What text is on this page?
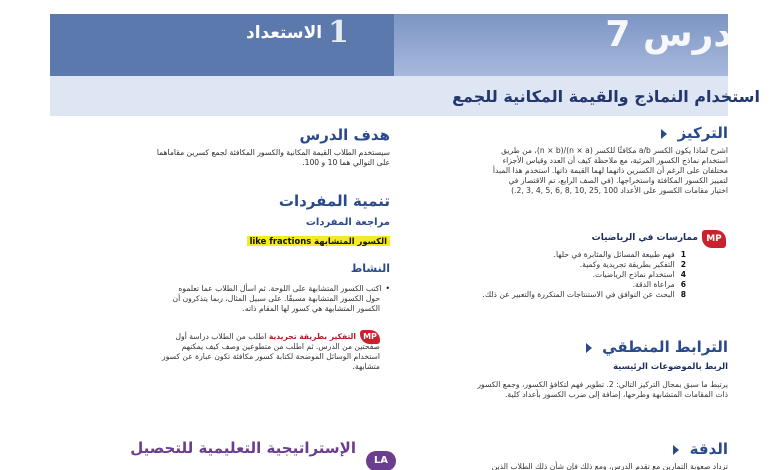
الدرس 7
1
الاستعداد
استخدام النماذج والقيمة المكانية للجمع
التركيز
اشرح لماذا يكون الكسر a/b مكافئًا للكسر (n × a)/(n × b)، من طريق
استخدام نماذج الكسور المرئية، مع ملاحظة كيف أن العدد وقياس الأجزاء
مختلفان على الرغم أن الكسرين ذاتهما لهما القيمة ذاتها. استخدم هذا المبدأ
لتمييز الكسور المكافئة واستخراجها. (في الصف الرابع، تم الاقتصار في
اختيار مقامات الكسور على الأعداد 100 ,25 ,10 ,8 ,6 ,5 ,4 ,3 ,2.)
MP
ممارسات في الرياضيات
1فهم طبيعة المسائل والمثابرة في حلها.
2التفكير بطريقة تجريدية وكمية.
4استخدام نماذج الرياضيات.
6مراعاة الدقة.
8البحث عن التوافق في الاستنتاجات المتكررة والتعبير عن ذلك.
الترابط المنطقي
الربط بالموضوعات الرئيسية
يرتبط ما سبق بمجال التركيز التالي: 2. تطوير فهم لتكافؤ الكسور، وجمع الكسور
ذات المقامات المتشابهة وطرحها، إضافة إلى ضرب الكسور بأعداد كلية.
الدقة
تزداد صعوبة التمارين مع تقدم الدرس، ومع ذلك فإن شأن ذلك الطلاب الذين
هدف الدرس
سيستخدم الطلاب القيمة المكانية والكسور المكافئة لجمع كسرين مقاماهما
على التوالي هما 10 و 100.
تنمية المفردات
مراجعة المفردات
الكسور المتشابهة like fractions
النشاط
•اكتب الكسور المتشابهة على اللوحة. ثم اسأل الطلاب عما تعلموه
حول الكسور المتشابهة مسبقًا. على سبيل المثال، ربما يتذكرون أن
الكسور المتشابهة هي كسور لها المقام ذاته.
MP
التفكير بطريقة تجريدية اطلب من الطلاب دراسة أول
صفحتين من الدرس. ثم اطلب من متطوعين وصف كيف يمكنهم
استخدام الوسائل الموضحة لكتابة كسور مكافئة تكون عبارة عن كسور
متشابهة.
LA
الإستراتيجية التعليمية للتحصيل
